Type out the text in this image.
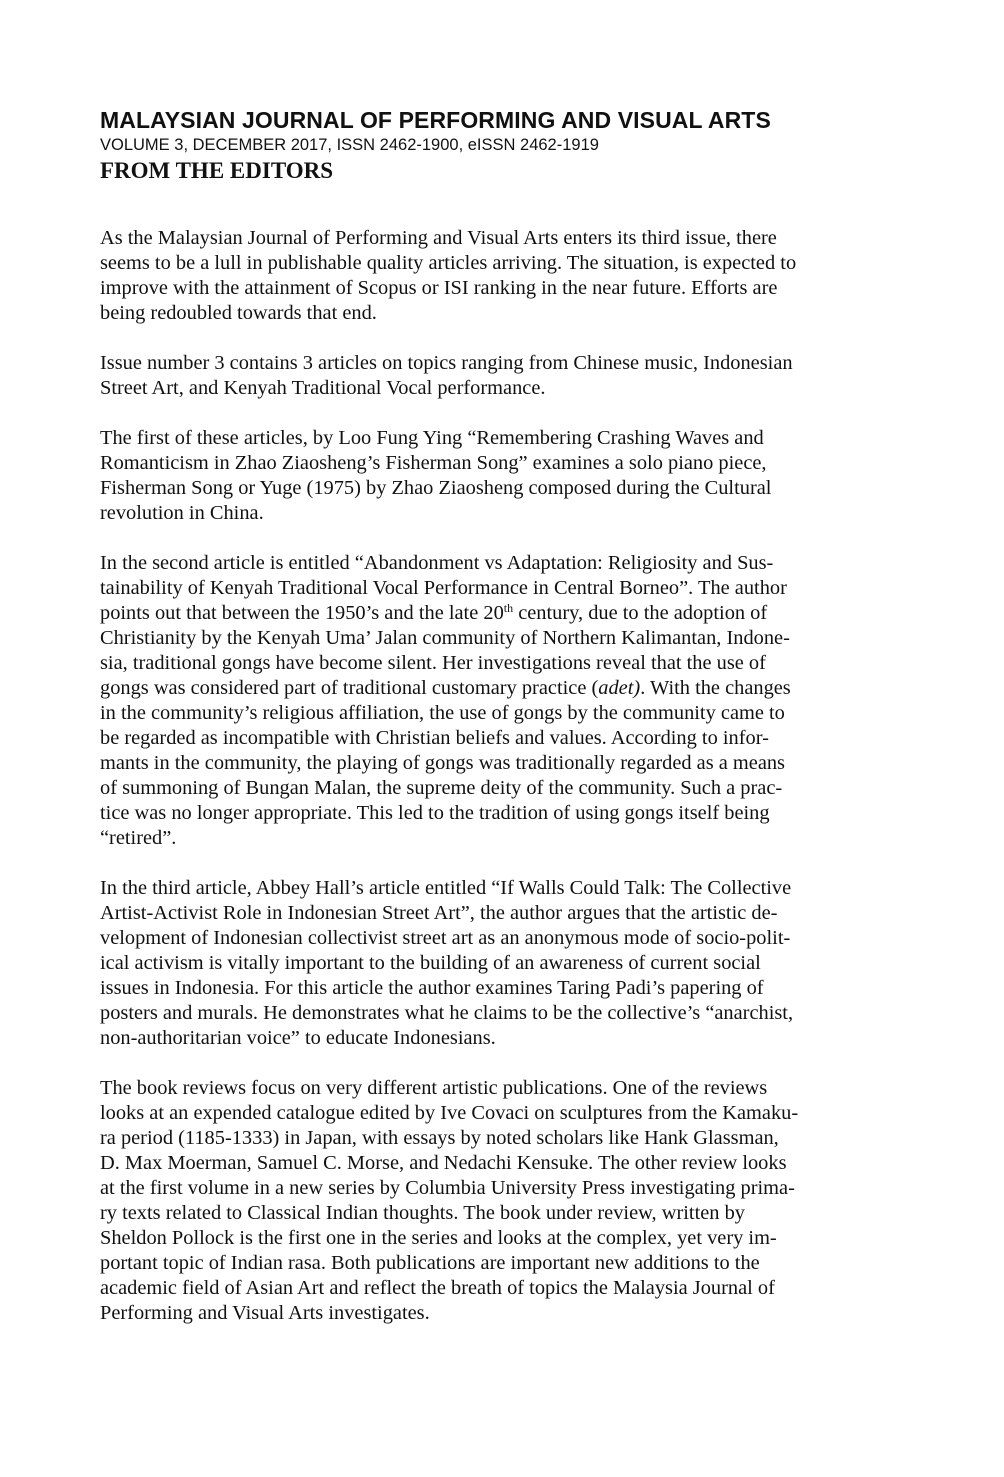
MALAYSIAN JOURNAL OF PERFORMING AND VISUAL ARTS
VOLUME 3, DECEMBER 2017, ISSN 2462-1900, eISSN 2462-1919
FROM THE EDITORS

As the Malaysian Journal of Performing and Visual Arts enters its third issue, there
seems to be a lull in publishable quality articles arriving. The situation, is expected to
improve with the attainment of Scopus or ISI ranking in the near future. Efforts are
being redoubled towards that end.

Issue number 3 contains 3 articles on topics ranging from Chinese music, Indonesian
Street Art, and Kenyah Traditional Vocal performance.

The first of these articles, by Loo Fung Ying “Remembering Crashing Waves and
Romanticism in Zhao Ziaosheng’s Fisherman Song” examines a solo piano piece,
Fisherman Song or Yuge (1975) by Zhao Ziaosheng composed during the Cultural
revolution in China.

In the second article is entitled “Abandonment vs Adaptation: Religiosity and Sus-
tainability of Kenyah Traditional Vocal Performance in Central Borneo”. The author
points out that between the 1950’s and the late 20th century, due to the adoption of
Christianity by the Kenyah Uma’ Jalan community of Northern Kalimantan, Indone-
sia, traditional gongs have become silent. Her investigations reveal that the use of
gongs was considered part of traditional customary practice (adet). With the changes
in the community’s religious affiliation, the use of gongs by the community came to
be regarded as incompatible with Christian beliefs and values. According to infor-
mants in the community, the playing of gongs was traditionally regarded as a means
of summoning of Bungan Malan, the supreme deity of the community. Such a prac-
tice was no longer appropriate. This led to the tradition of using gongs itself being
“retired”.

In the third article, Abbey Hall’s article entitled “If Walls Could Talk: The Collective
Artist-Activist Role in Indonesian Street Art”, the author argues that the artistic de-
velopment of Indonesian collectivist street art as an anonymous mode of socio-polit-
ical activism is vitally important to the building of an awareness of current social
issues in Indonesia. For this article the author examines Taring Padi’s papering of
posters and murals. He demonstrates what he claims to be the collective’s “anarchist,
non-authoritarian voice” to educate Indonesians.

The book reviews focus on very different artistic publications. One of the reviews
looks at an expended catalogue edited by Ive Covaci on sculptures from the Kamaku-
ra period (1185-1333) in Japan, with essays by noted scholars like Hank Glassman,
D. Max Moerman, Samuel C. Morse, and Nedachi Kensuke. The other review looks
at the first volume in a new series by Columbia University Press investigating prima-
ry texts related to Classical Indian thoughts. The book under review, written by
Sheldon Pollock is the first one in the series and looks at the complex, yet very im-
portant topic of Indian rasa. Both publications are important new additions to the
academic field of Asian Art and reflect the breath of topics the Malaysia Journal of
Performing and Visual Arts investigates.
